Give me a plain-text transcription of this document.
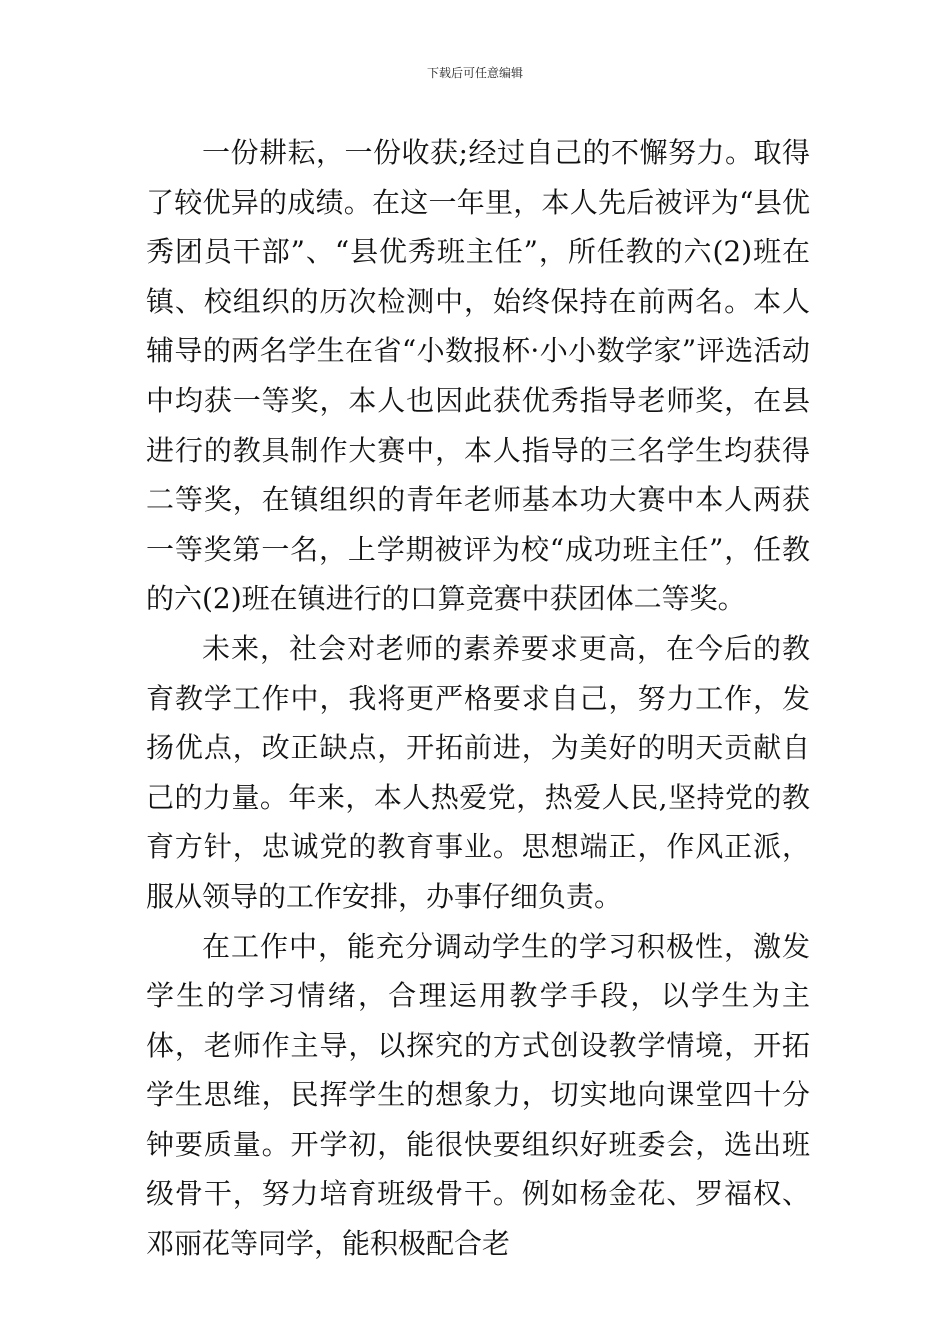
下载后可任意编辑

一份耕耘，一份收获;经过自己的不懈努力。取得了较优异的成绩。在这一年里，本人先后被评为“县优秀团员干部”、“县优秀班主任”，所任教的六(2)班在镇、校组织的历次检测中，始终保持在前两名。本人辅导的两名学生在省“小数报杯·小小数学家”评选活动中均获一等奖，本人也因此获优秀指导老师奖，在县进行的教具制作大赛中，本人指导的三名学生均获得二等奖，在镇组织的青年老师基本功大赛中本人两获一等奖第一名，上学期被评为校“成功班主任”，任教的六(2)班在镇进行的口算竞赛中获团体二等奖。

未来，社会对老师的素养要求更高，在今后的教育教学工作中，我将更严格要求自己，努力工作，发扬优点，改正缺点，开拓前进，为美好的明天贡献自己的力量。年来，本人热爱党，热爱人民,坚持党的教育方针，忠诚党的教育事业。思想端正，作风正派，服从领导的工作安排，办事仔细负责。

在工作中，能充分调动学生的学习积极性，激发学生的学习情绪，合理运用教学手段，以学生为主体，老师作主导，以探究的方式创设教学情境，开拓学生思维，民挥学生的想象力，切实地向课堂四十分钟要质量。开学初，能很快要组织好班委会，选出班级骨干，努力培育班级骨干。例如杨金花、罗福权、邓丽花等同学，能积极配合老
